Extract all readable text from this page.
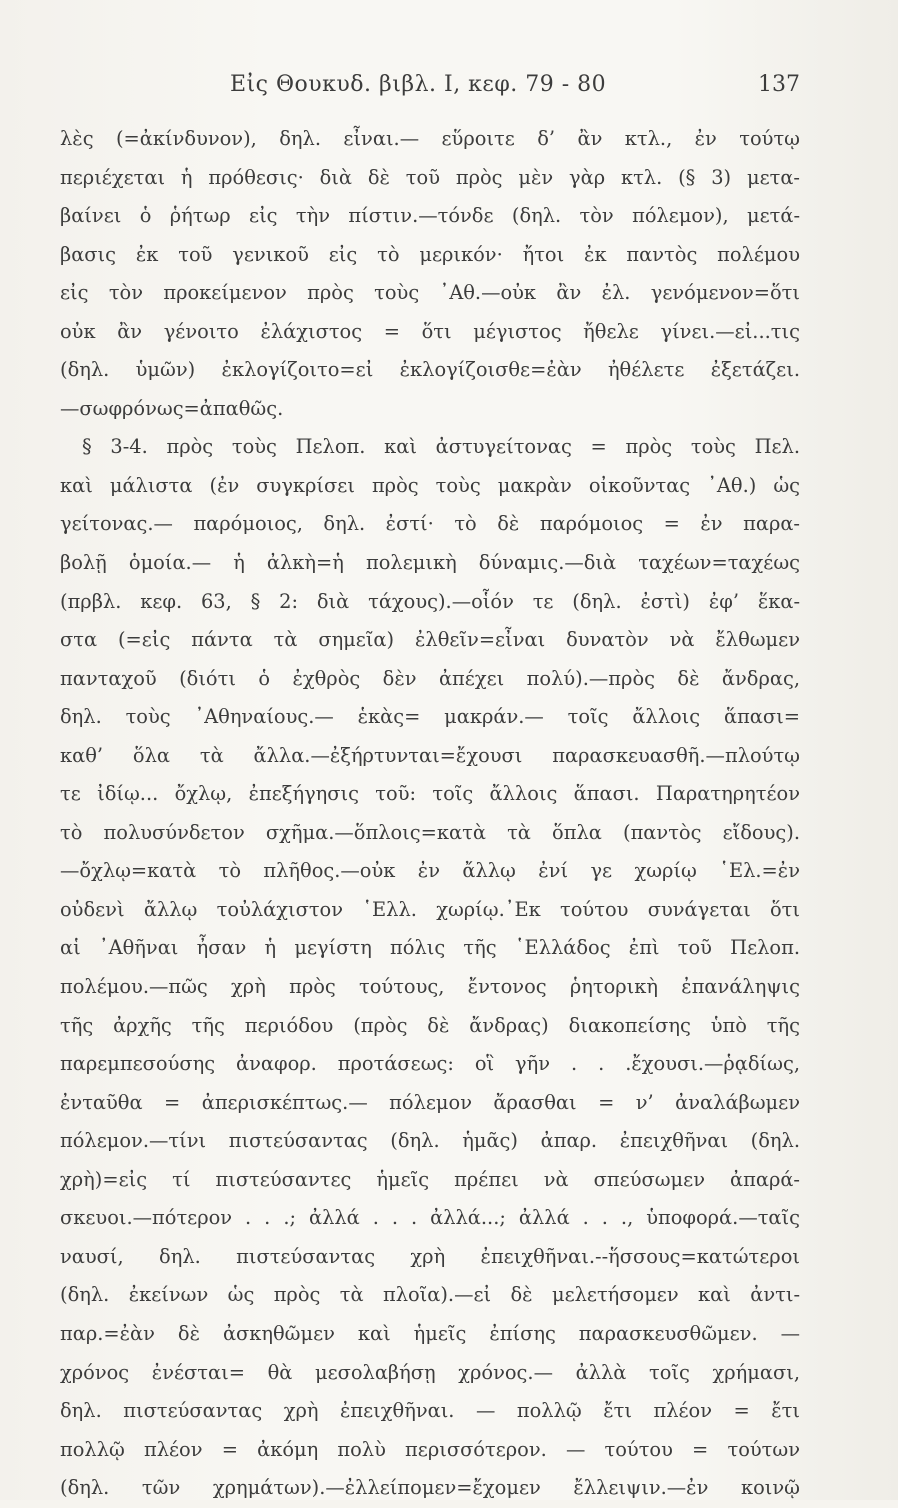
Εἰς Θουκυδ. βιβλ. Ι, κεφ. 79 - 80	137
λὲς (=ἀκίνδυνον), δηλ. εἶναι.— εὕροιτε δ’ ἂν κτλ., ἐν τούτῳ
περιέχεται ἡ πρόθεσις· διὰ δὲ τοῦ πρὸς μὲν γὰρ κτλ. (§ 3) μετα-
βαίνει ὁ ῥήτωρ εἰς τὴν πίστιν.—τόνδε (δηλ. τὸν πόλεμον), μετά-
βασις ἐκ τοῦ γενικοῦ εἰς τὸ μερικόν· ἤτοι ἐκ παντὸς πολέμου
εἰς τὸν προκείμενον πρὸς τοὺς ᾿Αθ.—οὐκ ἂν ἐλ. γενόμενον=ὅτι
οὐκ ἂν γένοιτο ἐλάχιστος = ὅτι μέγιστος ἤθελε γίνει.—εἰ...τις
(δηλ. ὑμῶν) ἐκλογίζοιτο=εἰ ἐκλογίζοισθε=ἐὰν ἠθέλετε ἐξετάζει.
—σωφρόνως=ἀπαθῶς.
§ 3-4. πρὸς τοὺς Πελοπ. καὶ ἀστυγείτονας = πρὸς τοὺς Πελ.
καὶ μάλιστα (ἐν συγκρίσει πρὸς τοὺς μακρὰν οἰκοῦντας ᾿Αθ.) ὡς
γείτονας.— παρόμοιος, δηλ. ἐστί· τὸ δὲ παρόμοιος = ἐν παρα-
βολῇ ὁμοία.— ἡ ἀλκὴ=ἡ πολεμικὴ δύναμις.—διὰ ταχέων=ταχέως
(πρβλ. κεφ. 63, § 2: διὰ τάχους).—οἷόν τε (δηλ. ἐστὶ) ἐφ’ ἕκα-
στα (=εἰς πάντα τὰ σημεῖα) ἐλθεῖν=εἶναι δυνατὸν νὰ ἔλθωμεν
πανταχοῦ (διότι ὁ ἐχθρὸς δὲν ἀπέχει πολύ).—πρὸς δὲ ἄνδρας,
δηλ. τοὺς ᾿Αθηναίους.— ἑκὰς= μακράν.— τοῖς ἄλλοις ἅπασι=
καθ’ ὅλα τὰ ἄλλα.—ἐξήρτυνται=ἔχουσι παρασκευασθῆ.—πλούτῳ
τε ἰδίῳ... ὄχλῳ, ἐπεξήγησις τοῦ: τοῖς ἄλλοις ἅπασι. Παρατηρητέον
τὸ πολυσύνδετον σχῆμα.—ὅπλοις=κατὰ τὰ ὅπλα (παντὸς εἴδους).
—ὄχλῳ=κατὰ τὸ πλῆθος.—οὐκ ἐν ἄλλῳ ἐνί γε χωρίῳ ῾Ελ.=ἐν
οὐδενὶ ἄλλῳ τοὐλάχιστον ῾Ελλ. χωρίῳ.᾿Εκ τούτου συνάγεται ὅτι
αἱ ᾿Αθῆναι ἦσαν ἡ μεγίστη πόλις τῆς ῾Ελλάδος ἐπὶ τοῦ Πελοπ.
πολέμου.—πῶς χρὴ πρὸς τούτους, ἔντονος ῥητορικὴ ἐπανάληψις
τῆς ἀρχῆς τῆς περιόδου (πρὸς δὲ ἄνδρας) διακοπείσης ὑπὸ τῆς
παρεμπεσούσης ἀναφορ. προτάσεως: οἳ γῆν . . .ἔχουσι.—ῥᾳδίως,
ἐνταῦθα = ἀπερισκέπτως.— πόλεμον ἄρασθαι = ν’ ἀναλάβωμεν
πόλεμον.—τίνι πιστεύσαντας (δηλ. ἡμᾶς) ἀπαρ. ἐπειχθῆναι (δηλ.
χρὴ)=εἰς τί πιστεύσαντες ἡμεῖς πρέπει νὰ σπεύσωμεν ἀπαρά-
σκευοι.—πότερον . . .; ἀλλά . . . ἀλλά...; ἀλλά . . ., ὑποφορά.—ταῖς
ναυσί, δηλ. πιστεύσαντας χρὴ ἐπειχθῆναι.--ἥσσους=κατώτεροι
(δηλ. ἐκείνων ὡς πρὸς τὰ πλοῖα).—εἰ δὲ μελετήσομεν καὶ ἀντι-
παρ.=ἐὰν δὲ ἀσκηθῶμεν καὶ ἡμεῖς ἐπίσης παρασκευσθῶμεν. —
χρόνος ἐνέσται= θὰ μεσολαβήσῃ χρόνος.— ἀλλὰ τοῖς χρήμασι,
δηλ. πιστεύσαντας χρὴ ἐπειχθῆναι. — πολλῷ ἔτι πλέον = ἔτι
πολλῷ πλέον = ἀκόμη πολὺ περισσότερον. — τούτου = τούτων
(δηλ. τῶν χρημάτων).—ἐλλείπομεν=ἔχομεν ἔλλειψιν.—ἐν κοινῷ
